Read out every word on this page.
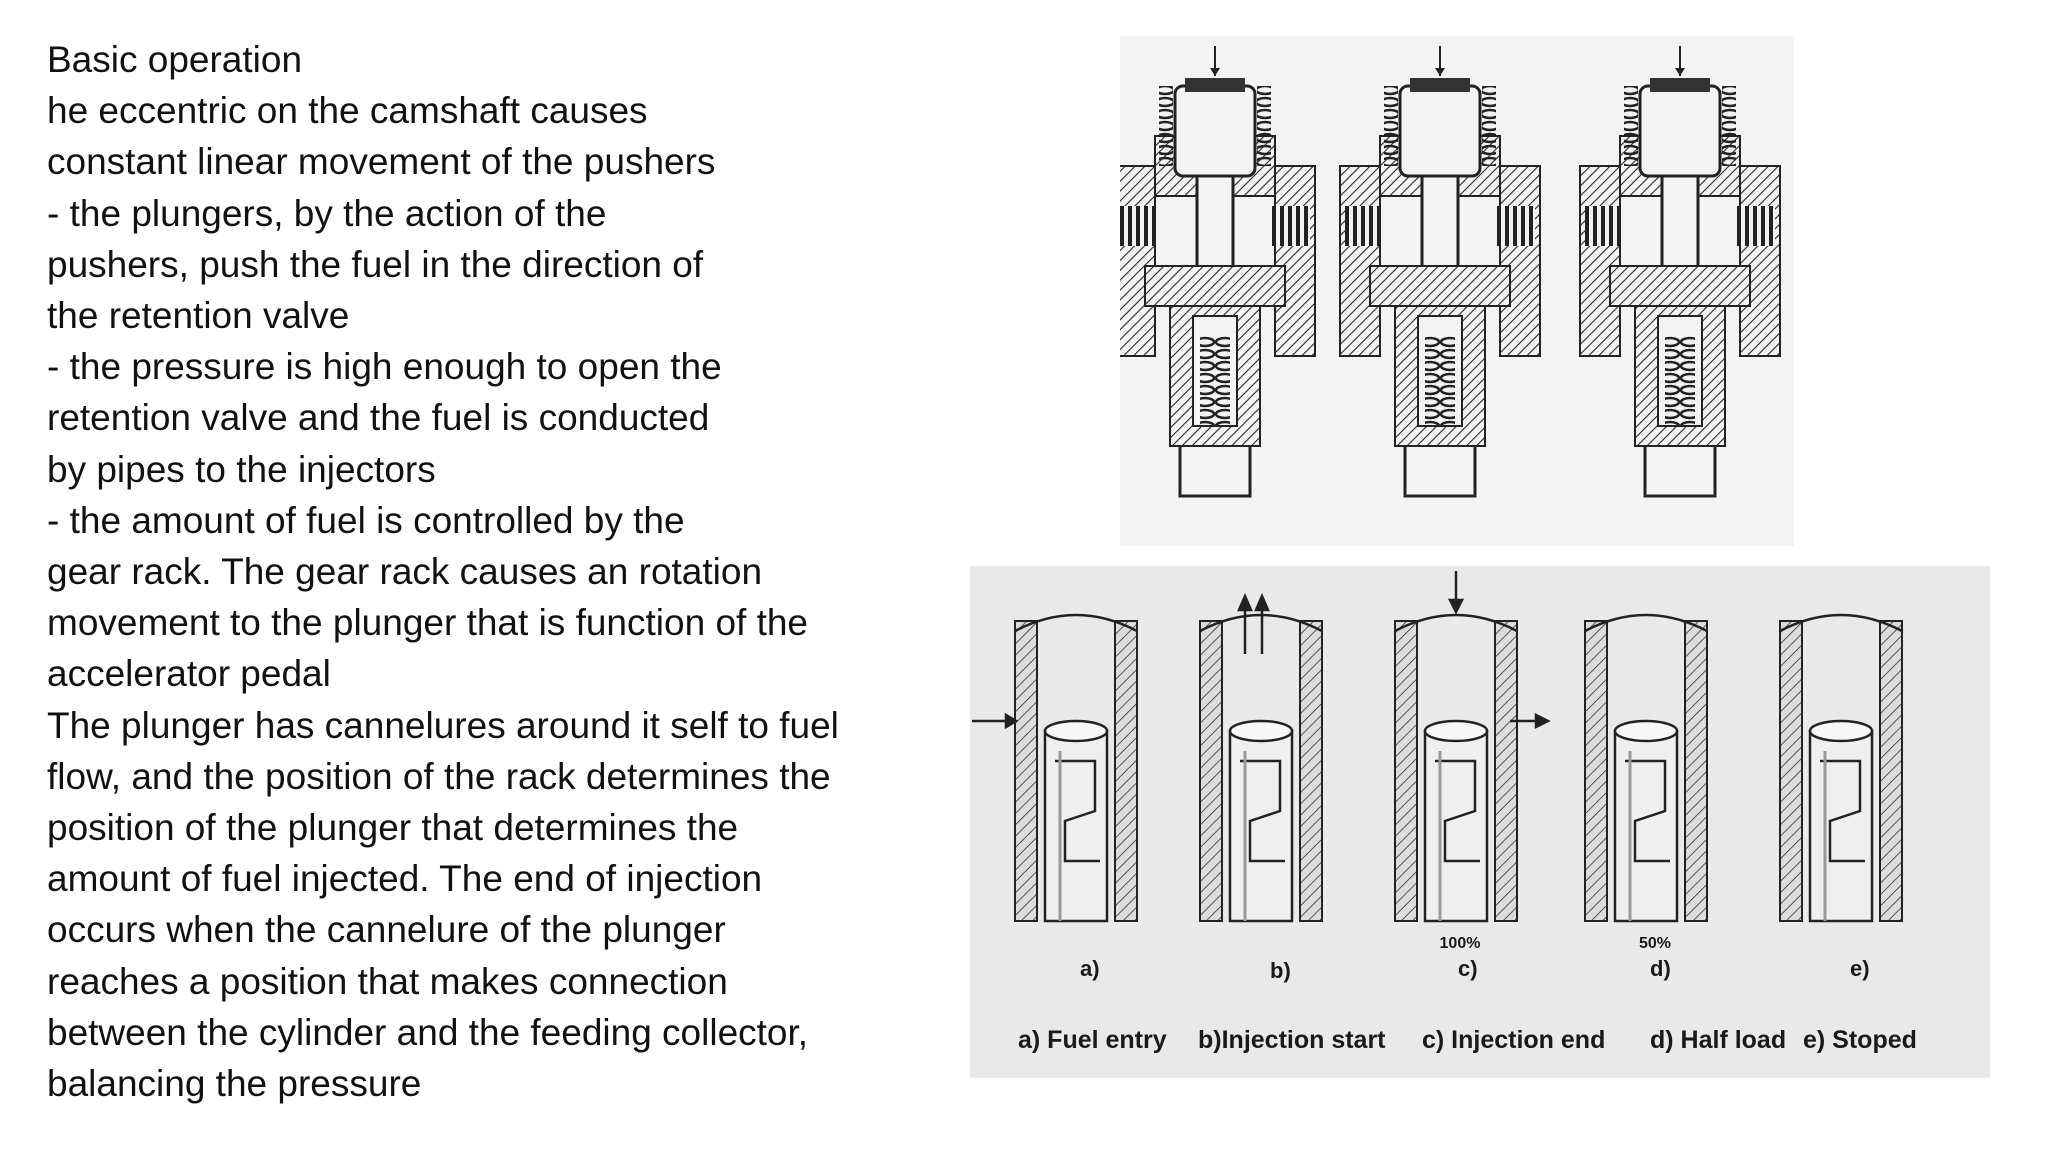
Basic operation
he eccentric on the camshaft causes
constant linear movement of the pushers
- the plungers, by the action of the
pushers, push the fuel in the direction of
the retention valve
- the pressure is high enough to open the
retention valve and the fuel is conducted
by pipes to the injectors
- the amount of fuel is controlled by the
gear rack. The gear rack causes an rotation
movement to the plunger that is function of the
accelerator pedal
The plunger has cannelures around it self to fuel
flow, and the position of the rack determines the
position of the plunger that determines the
amount of fuel injected. The end of injection
occurs when the cannelure of the plunger
reaches a position that makes connection
between the cylinder and the feeding collector,
balancing the pressure
a)	b)
100%
c)
50%
d)	e)
a) Fuel entry b)Injection start c) Injection end d) Half load e) Stoped
